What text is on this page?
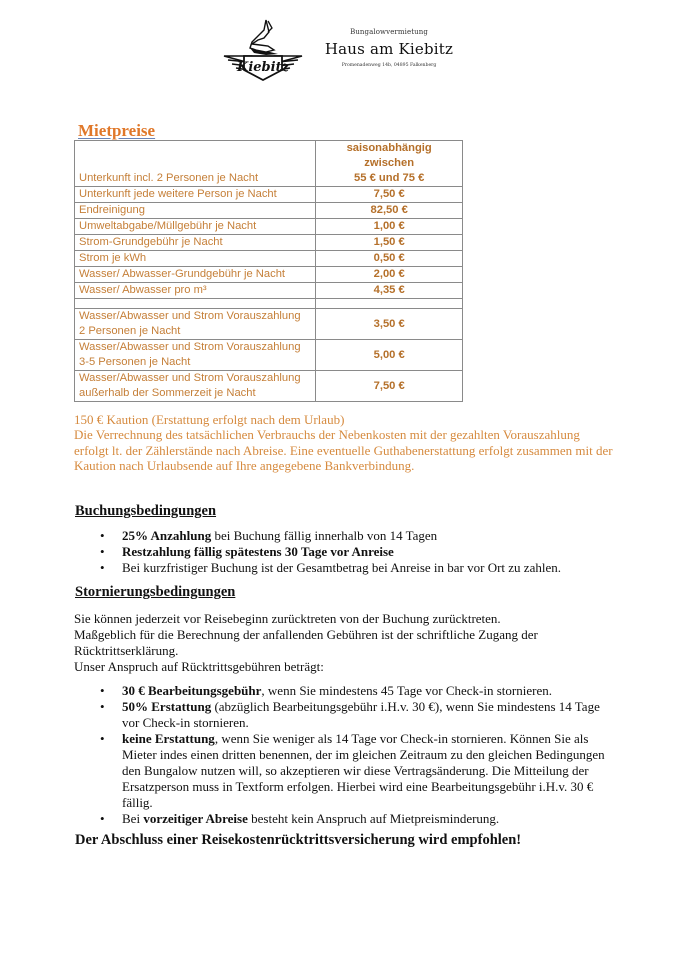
Kiebitz
Bungalowvermietung
Haus am Kiebitz
Promenadenweg 14b, 04895 Falkenberg
Mietpreise
Unterkunft incl. 2 Personen je Nacht	saisonabhängig zwischen
55 € und 75 €
Unterkunft jede weitere Person je Nacht	7,50 €
Endreinigung	82,50 €
Umweltabgabe/Müllgebühr je Nacht	1,00 €
Strom-Grundgebühr je Nacht	1,50 €
Strom je kWh	0,50 €
Wasser/ Abwasser-Grundgebühr je Nacht	2,00 €
Wasser/ Abwasser pro m³	4,35 €

Wasser/Abwasser und Strom Vorauszahlung
2 Personen je Nacht	3,50 €
Wasser/Abwasser und Strom Vorauszahlung
3-5 Personen je Nacht	5,00 €
Wasser/Abwasser und Strom Vorauszahlung
außerhalb der Sommerzeit je Nacht	7,50 €
150 € Kaution (Erstattung erfolgt nach dem Urlaub)
Die Verrechnung des tatsächlichen Verbrauchs der Nebenkosten mit der gezahlten Vorauszahlung erfolgt lt. der Zählerstände nach Abreise. Eine eventuelle Guthabenerstattung erfolgt zusammen mit der Kaution nach Urlaubsende auf Ihre angegebene Bankverbindung.
Buchungsbedingungen
• 25% Anzahlung bei Buchung fällig innerhalb von 14 Tagen
• Restzahlung fällig spätestens 30 Tage vor Anreise
• Bei kurzfristiger Buchung ist der Gesamtbetrag bei Anreise in bar vor Ort zu zahlen.
Stornierungsbedingungen
Sie können jederzeit vor Reisebeginn zurücktreten von der Buchung zurücktreten.
Maßgeblich für die Berechnung der anfallenden Gebühren ist der schriftliche Zugang der Rücktrittserklärung.
Unser Anspruch auf Rücktrittsgebühren beträgt:
• 30 € Bearbeitungsgebühr, wenn Sie mindestens 45 Tage vor Check-in stornieren.
• 50% Erstattung (abzüglich Bearbeitungsgebühr i.H.v. 30 €), wenn Sie mindestens 14 Tage vor Check-in stornieren.
• keine Erstattung, wenn Sie weniger als 14 Tage vor Check-in stornieren. Können Sie als Mieter indes einen dritten benennen, der im gleichen Zeitraum zu den gleichen Bedingungen den Bungalow nutzen will, so akzeptieren wir diese Vertragsänderung. Die Mitteilung der Ersatzperson muss in Textform erfolgen. Hierbei wird eine Bearbeitungsgebühr i.H.v. 30 € fällig.
• Bei vorzeitiger Abreise besteht kein Anspruch auf Mietpreisminderung.
Der Abschluss einer Reisekostenrücktrittsversicherung wird empfohlen!
